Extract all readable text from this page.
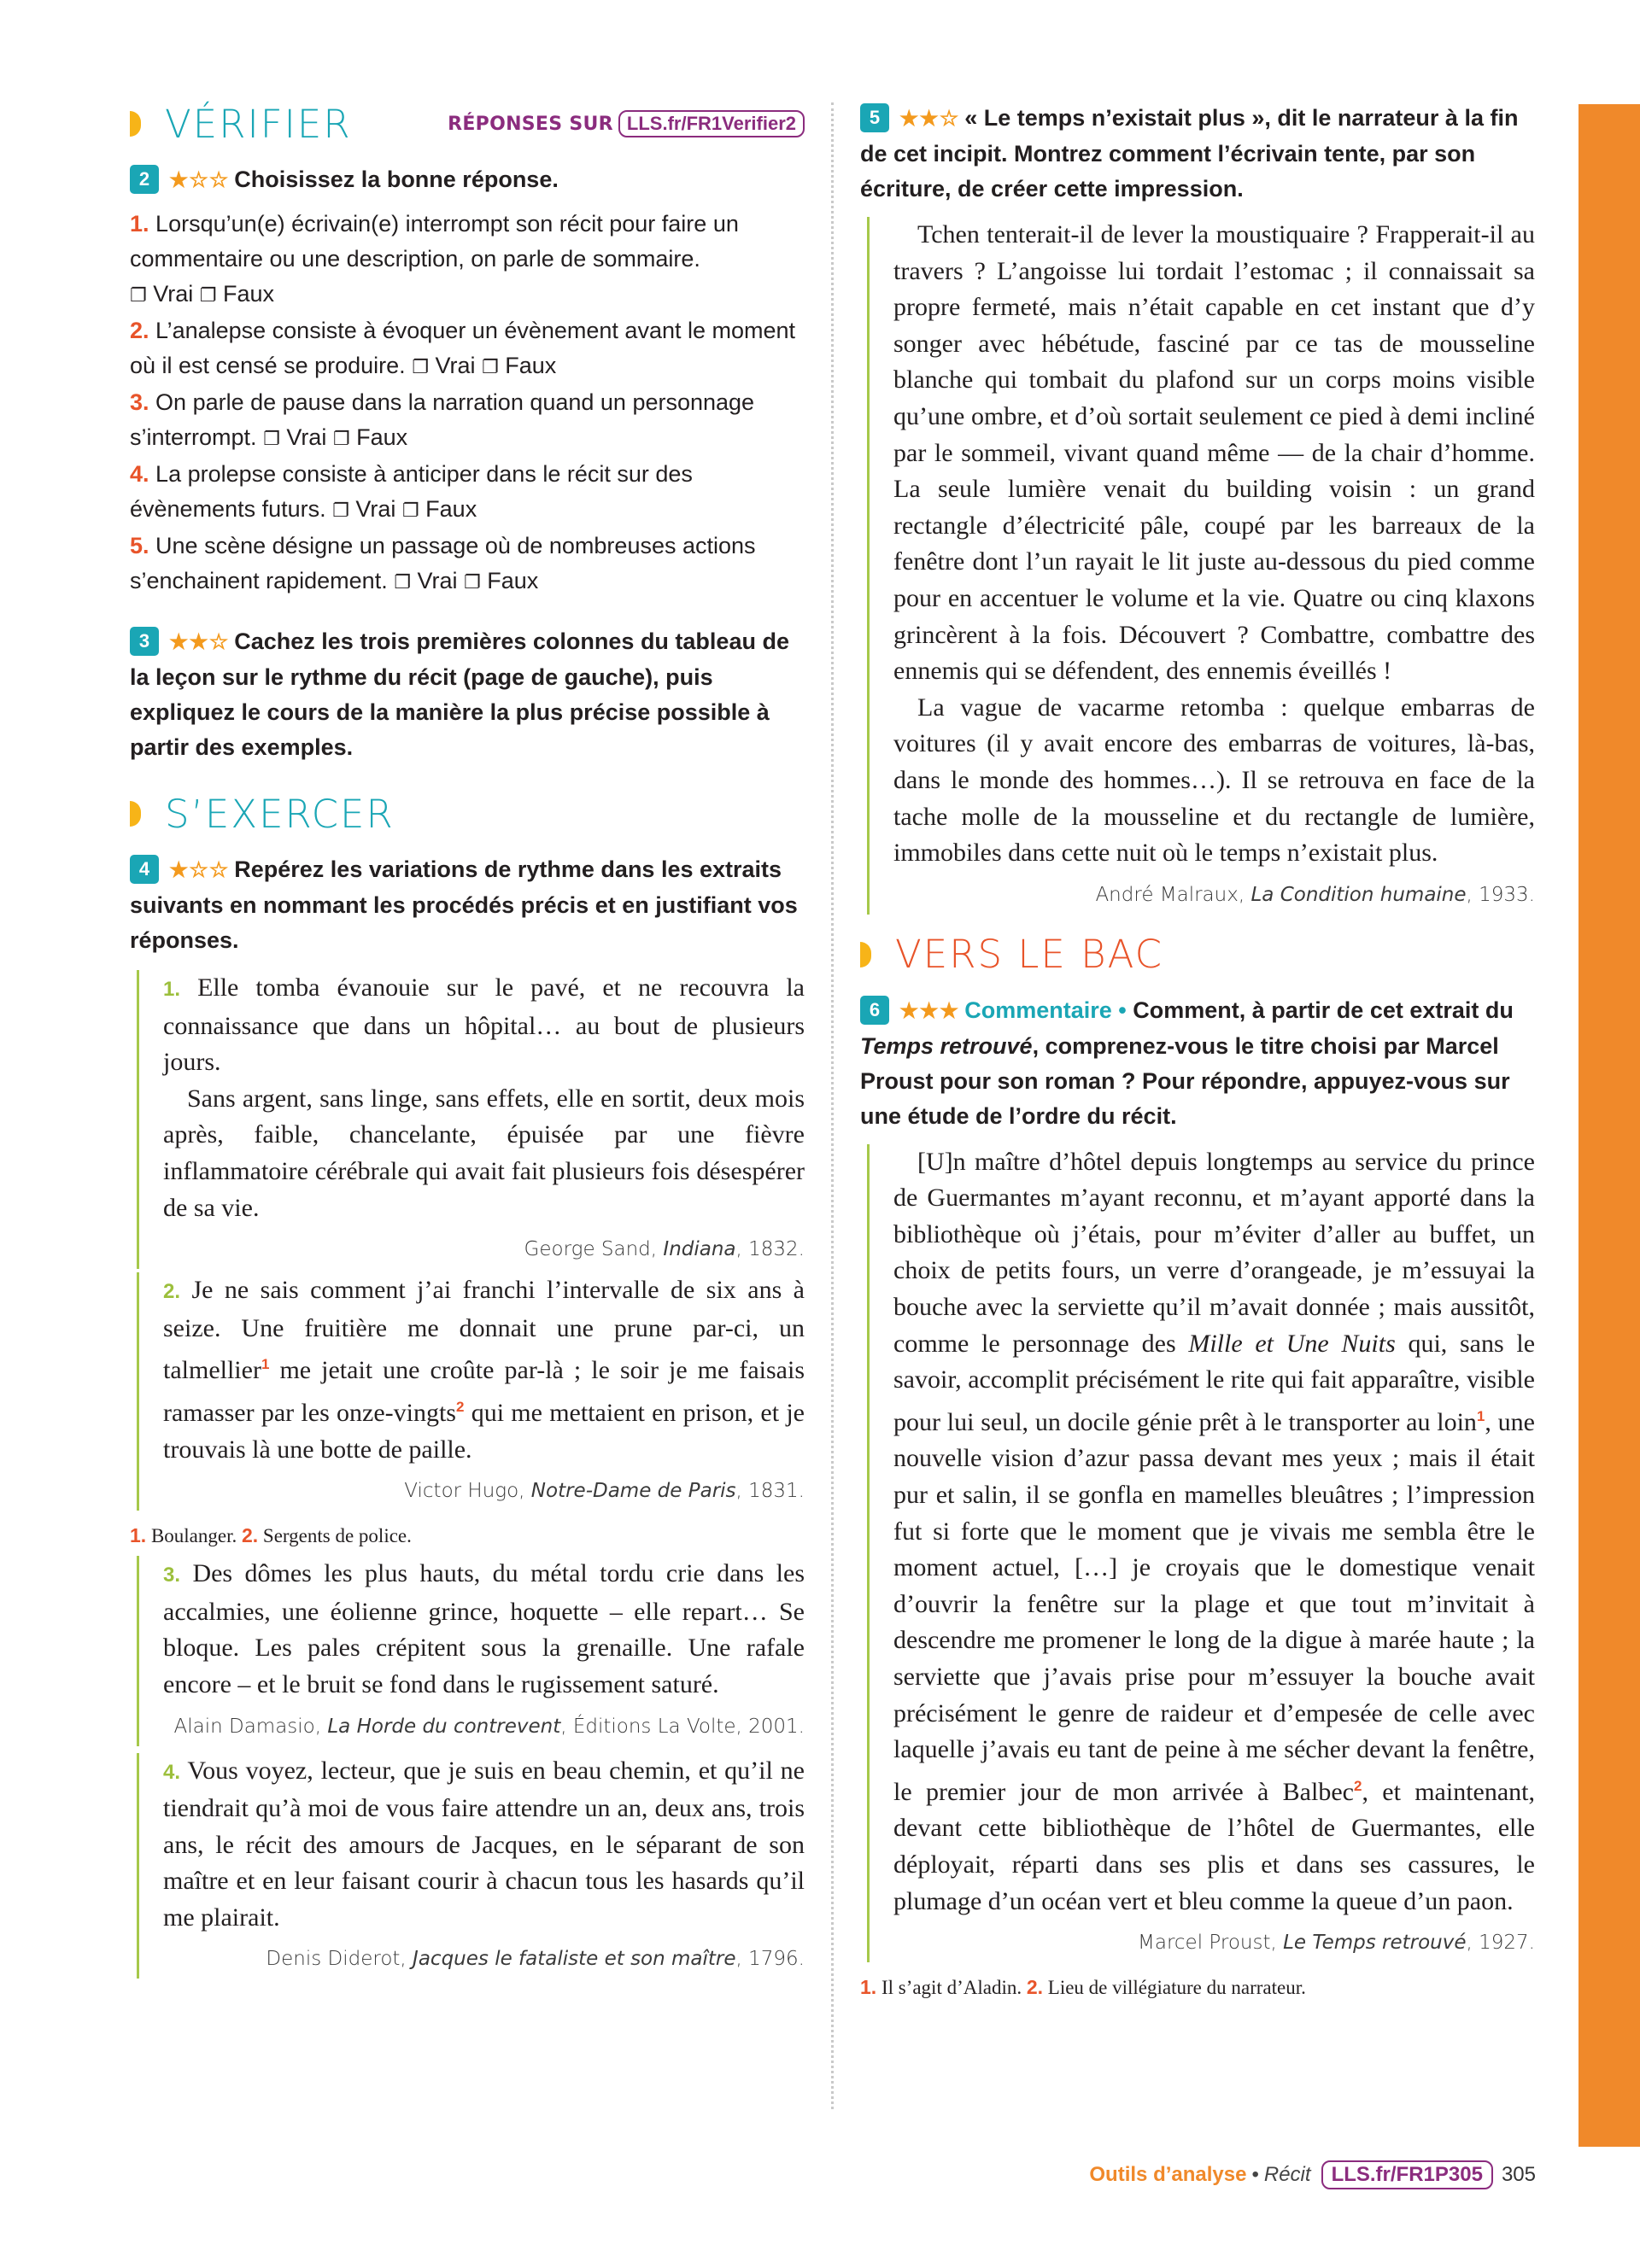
VÉRIFIER	RÉPONSES SUR LLS.fr/FR1Verifier2
2 ★☆☆ Choisissez la bonne réponse.
1. Lorsqu’un(e) écrivain(e) interrompt son récit pour faire un commentaire ou une description, on parle de sommaire.
❐ Vrai ❐ Faux
2. L’analepse consiste à évoquer un évènement avant le moment où il est censé se produire. ❐ Vrai ❐ Faux
3. On parle de pause dans la narration quand un personnage s’interrompt. ❐ Vrai ❐ Faux
4. La prolepse consiste à anticiper dans le récit sur des évènements futurs. ❐ Vrai ❐ Faux
5. Une scène désigne un passage où de nombreuses actions s’enchainent rapidement. ❐ Vrai ❐ Faux
3 ★★☆ Cachez les trois premières colonnes du tableau de la leçon sur le rythme du récit (page de gauche), puis expliquez le cours de la manière la plus précise possible à partir des exemples.
S’EXERCER
4 ★☆☆ Repérez les variations de rythme dans les extraits suivants en nommant les procédés précis et en justifiant vos réponses.

1. Elle tomba évanouie sur le pavé, et ne recouvra la connaissance que dans un hôpital… au bout de plusieurs jours.

Sans argent, sans linge, sans effets, elle en sortit, deux mois après, faible, chancelante, épuisée par une fièvre inflammatoire cérébrale qui avait fait plusieurs fois désespérer de sa vie.

George Sand, Indiana, 1832.

2. Je ne sais comment j’ai franchi l’intervalle de six ans à seize. Une fruitière me donnait une prune par-ci, un talmellier$^1$ me jetait une croûte par-là ; le soir je me faisais ramasser par les onze-vingts$^2$ qui me mettaient en prison, et je trouvais là une botte de paille.

Victor Hugo, Notre-Dame de Paris, 1831.

1. Boulanger. 2. Sergents de police.

3. Des dômes les plus hauts, du métal tordu crie dans les accalmies, une éolienne grince, hoquette – elle repart… Se bloque. Les pales crépitent sous la grenaille. Une rafale encore – et le bruit se fond dans le rugissement saturé.

Alain Damasio, La Horde du contrevent, Éditions La Volte, 2001.

4. Vous voyez, lecteur, que je suis en beau chemin, et qu’il ne tiendrait qu’à moi de vous faire attendre un an, deux ans, trois ans, le récit des amours de Jacques, en le séparant de son maître et en leur faisant courir à chacun tous les hasards qu’il me plairait.

Denis Diderot, Jacques le fataliste et son maître, 1796.
5 ★★☆ « Le temps n’existait plus », dit le narrateur à la fin de cet incipit. Montrez comment l’écrivain tente, par son écriture, de créer cette impression.

Tchen tenterait-il de lever la moustiquaire ? Frapperait-il au travers ? L’angoisse lui tordait l’estomac ; il connaissait sa propre fermeté, mais n’était capable en cet instant que d’y songer avec hébétude, fasciné par ce tas de mousseline blanche qui tombait du plafond sur un corps moins visible qu’une ombre, et d’où sortait seulement ce pied à demi incliné par le sommeil, vivant quand même — de la chair d’homme. La seule lumière venait du building voisin : un grand rectangle d’électricité pâle, coupé par les barreaux de la fenêtre dont l’un rayait le lit juste au-dessous du pied comme pour en accentuer le volume et la vie. Quatre ou cinq klaxons grincèrent à la fois. Découvert ? Combattre, combattre des ennemis qui se défendent, des ennemis éveillés !

La vague de vacarme retomba : quelque embarras de voitures (il y avait encore des embarras de voitures, là-bas, dans le monde des hommes…). Il se retrouva en face de la tache molle de la mousseline et du rectangle de lumière, immobiles dans cette nuit où le temps n’existait plus.

André Malraux, La Condition humaine, 1933.
VERS LE BAC
6 ★★★ Commentaire • Comment, à partir de cet extrait du Temps retrouvé, comprenez-vous le titre choisi par Marcel Proust pour son roman ? Pour répondre, appuyez-vous sur une étude de l’ordre du récit.

[U]n maître d’hôtel depuis longtemps au service du prince de Guermantes m’ayant reconnu, et m’ayant apporté dans la bibliothèque où j’étais, pour m’éviter d’aller au buffet, un choix de petits fours, un verre d’orangeade, je m’essuyai la bouche avec la serviette qu’il m’avait donnée ; mais aussitôt, comme le personnage des Mille et Une Nuits qui, sans le savoir, accomplit précisément le rite qui fait apparaître, visible pour lui seul, un docile génie prêt à le transporter au loin$^1$, une nouvelle vision d’azur passa devant mes yeux ; mais il était pur et salin, il se gonfla en mamelles bleuâtres ; l’impression fut si forte que le moment que je vivais me sembla être le moment actuel, […] je croyais que le domestique venait d’ouvrir la fenêtre sur la plage et que tout m’invitait à descendre me promener le long de la digue à marée haute ; la serviette que j’avais prise pour m’essuyer la bouche avait précisément le genre de raideur et d’empesée de celle avec laquelle j’avais eu tant de peine à me sécher devant la fenêtre, le premier jour de mon arrivée à Balbec$^2$, et maintenant, devant cette bibliothèque de l’hôtel de Guermantes, elle déployait, réparti dans ses plis et dans ses cassures, le plumage d’un océan vert et bleu comme la queue d’un paon.

Marcel Proust, Le Temps retrouvé, 1927.

1. Il s’agit d’Aladin. 2. Lieu de villégiature du narrateur.

Outils d’analyse • Récit	LLS.fr/FR1P305 305
